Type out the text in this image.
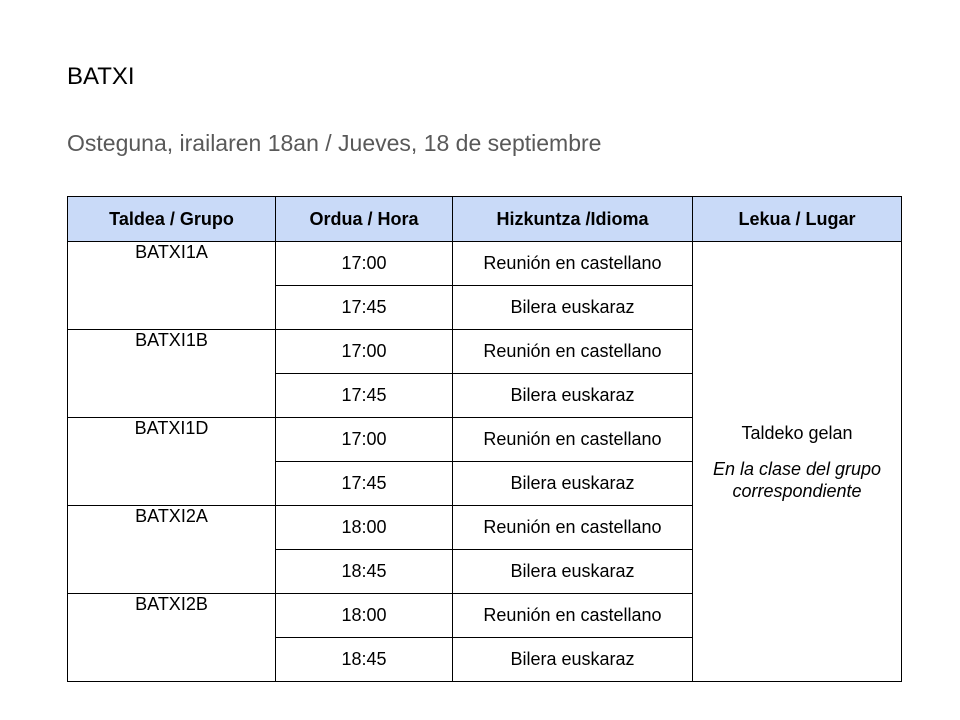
BATXI
Osteguna, irailaren 18an / Jueves, 18 de septiembre
Taldea / Grupo	Ordua / Hora	Hizkuntza /Idioma	Lekua / Lugar
BATXI1A	17:00	Reunión en castellano	Taldeko gelan
En la clase del grupo correspondiente

	17:45	Bilera euskaraz	
BATXI1B	17:00	Reunión en castellano	
	17:45	Bilera euskaraz	
BATXI1D	17:00	Reunión en castellano	
	17:45	Bilera euskaraz	
BATXI2A	18:00	Reunión en castellano	
	18:45	Bilera euskaraz	
BATXI2B	18:00	Reunión en castellano	
	18:45	Bilera euskaraz	
